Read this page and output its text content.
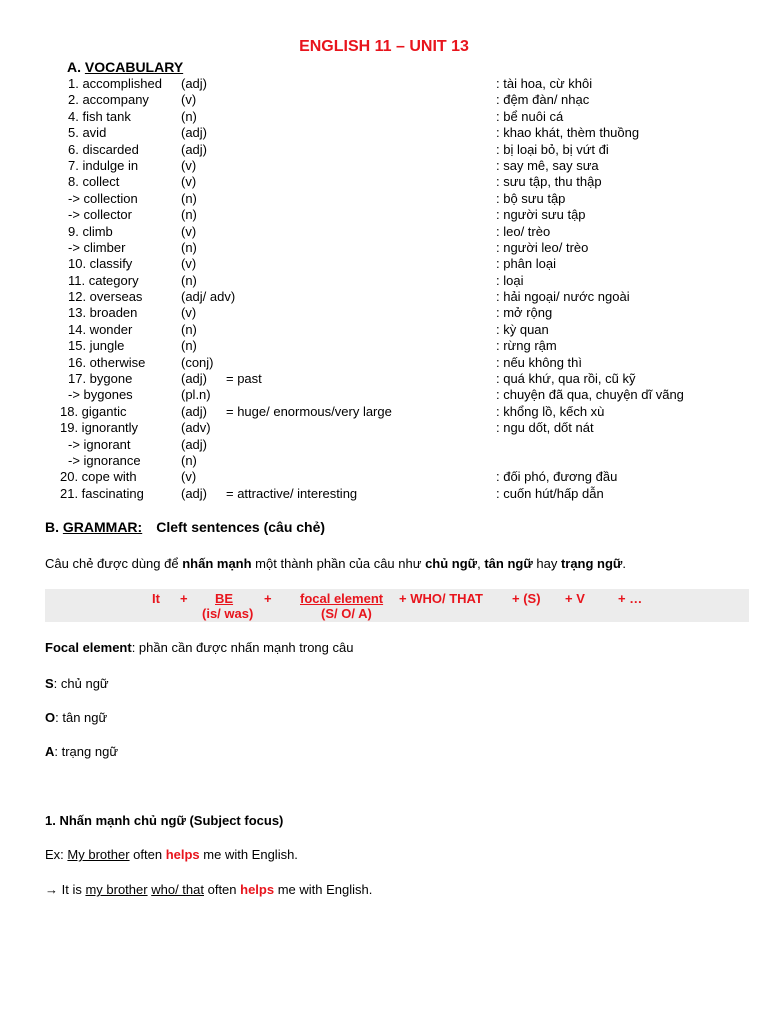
ENGLISH 11 – UNIT 13
A. VOCABULARY
1. accomplished (adj)	: tài hoa, cừ khôi
2. accompany (v)	: đệm đàn/ nhạc
4. fish tank	(n)	: bể nuôi cá
5. avid	(adj)	: khao khát, thèm thuồng
6. discarded	(adj)	: bị loại bỏ, bị vứt đi
7. indulge in	(v)	: say mê, say sưa
8. collect	(v)	: sưu tập, thu thập
-> collection	(n)	: bộ sưu tập
-> collector	(n)	: người sưu tập
9. climb	(v)	: leo/ trèo
-> climber	(n)	: người leo/ trèo
10. classify	(v)	: phân loại
11. category	(n)	: loại
12. overseas	(adj/ adv)	: hải ngoại/ nước ngoài
13. broaden	(v)	: mở rộng
14. wonder	(n)	: kỳ quan
15. jungle	(n)	: rừng rậm
16. otherwise	(conj)	: nếu không thì
17. bygone	(adj) = past	: quá khứ, qua rồi, cũ kỹ
-> bygones	(pl.n)	: chuyện đã qua, chuyện dĩ vãng
18. gigantic	(adj) = huge/ enormous/very large	: khổng lồ, kếch xù
19. ignorantly	(adv)	: ngu dốt, dốt nát
-> ignorant	(adj)
-> ignorance	(n)
20. cope with	(v)	: đối phó, đương đầu
21. fascinating	(adj) = attractive/ interesting	: cuốn hút/hấp dẫn
B. GRAMMAR: Cleft sentences (câu chẻ)
Câu chẻ được dùng để nhấn mạnh một thành phần của câu như chủ ngữ, tân ngữ hay trạng ngữ.
It + BE
(is/ was)
+ focal element
(S/ O/ A)
+ WHO/ THAT + (S) + V	+ …
Focal element: phần cần được nhấn mạnh trong câu
S: chủ ngữ
O: tân ngữ
A: trạng ngữ
1. Nhấn mạnh chủ ngữ (Subject focus)
Ex: My brother often helps me with English.
→ It is my brother who/ that often helps me with English.
